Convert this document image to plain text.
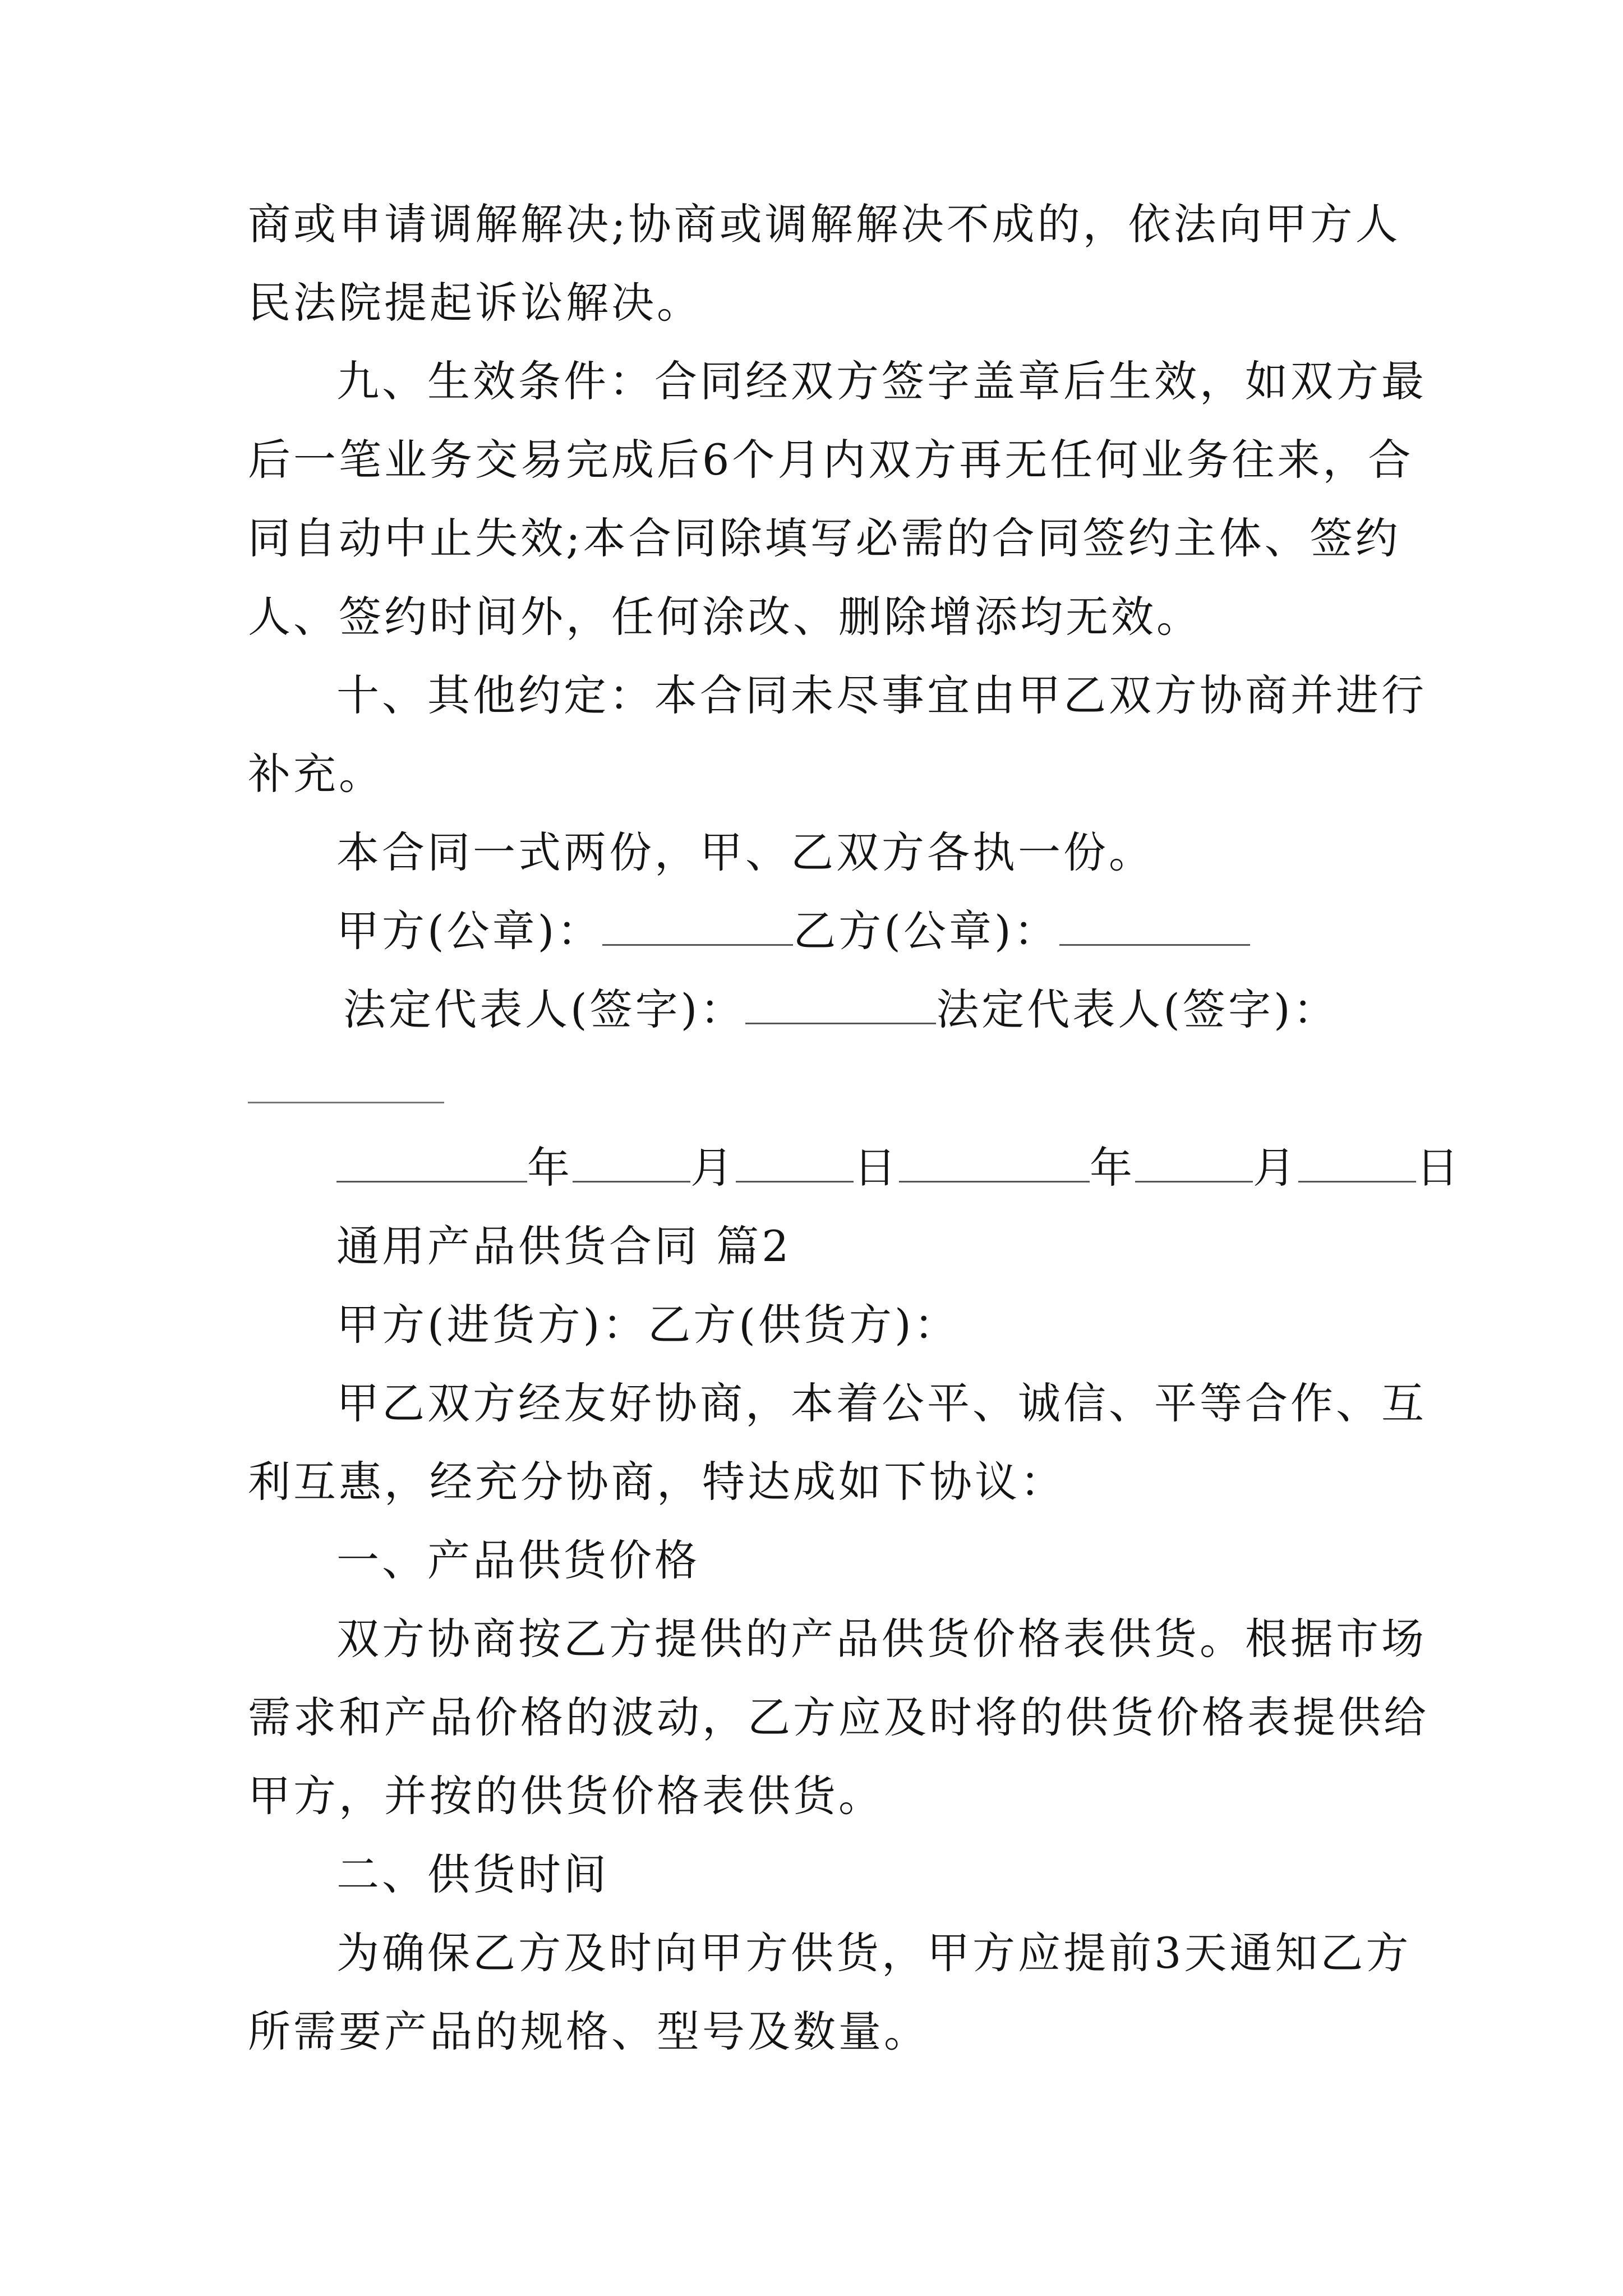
商或申请调解解决;协商或调解解决不成的，依法向甲方人
民法院提起诉讼解决。
九、生效条件：合同经双方签字盖章后生效，如双方最
后一笔业务交易完成后6个月内双方再无任何业务往来，合
同自动中止失效;本合同除填写必需的合同签约主体、签约
人、签约时间外，任何涂改、删除增添均无效。
十、其他约定：本合同未尽事宜由甲乙双方协商并进行
补充。
本合同一式两份，甲、乙双方各执一份。
甲方(公章)：	乙方(公章)：
法定代表人(签字)：	法定代表人(签字)：
年	月	日	年	月	日
通用产品供货合同 篇2
甲方(进货方)：乙方(供货方)：
甲乙双方经友好协商，本着公平、诚信、平等合作、互
利互惠，经充分协商，特达成如下协议：
一、产品供货价格
双方协商按乙方提供的产品供货价格表供货。根据市场
需求和产品价格的波动，乙方应及时将的供货价格表提供给
甲方，并按的供货价格表供货。
二、供货时间
为确保乙方及时向甲方供货，甲方应提前3天通知乙方
所需要产品的规格、型号及数量。
